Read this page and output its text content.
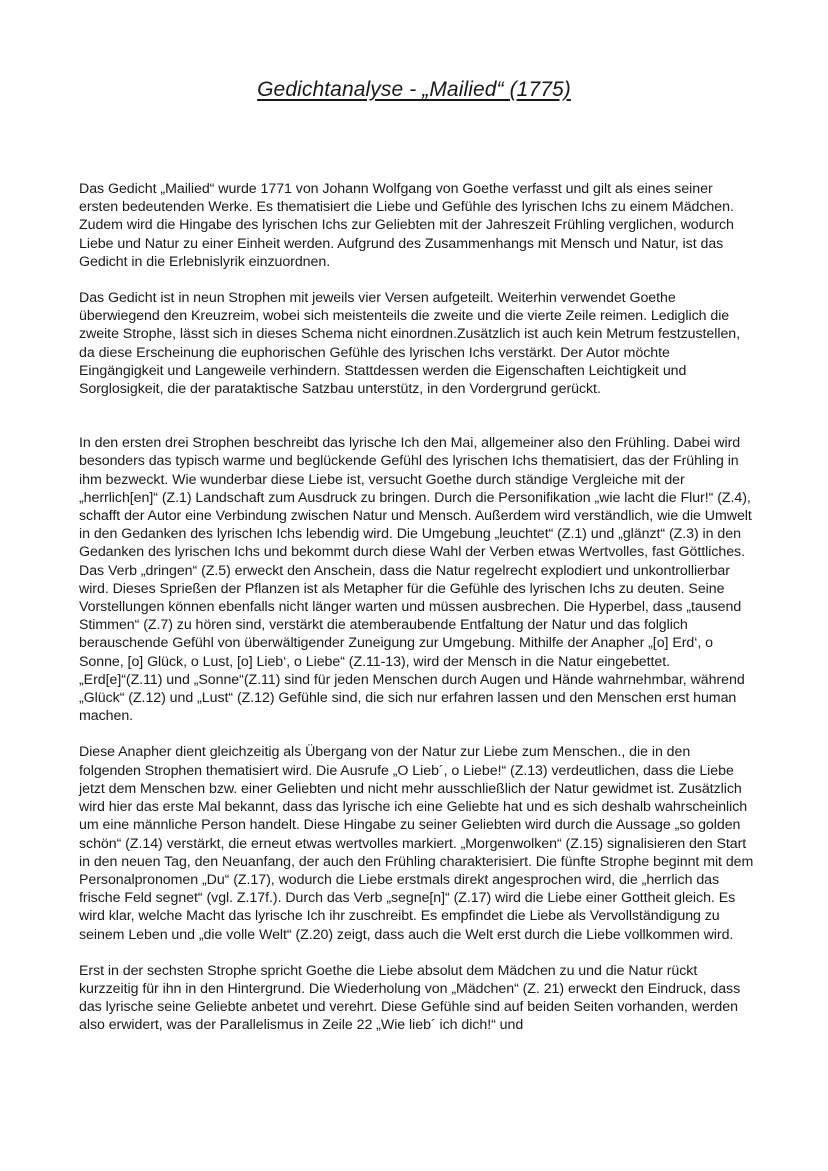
Gedichtanalyse - „Mailied“ (1775)

Das Gedicht „Mailied“ wurde 1771 von Johann Wolfgang von Goethe verfasst und gilt als eines seiner ersten bedeutenden Werke. Es thematisiert die Liebe und Gefühle des lyrischen Ichs zu einem Mädchen. Zudem wird die Hingabe des lyrischen Ichs zur Geliebten mit der Jahreszeit Frühling verglichen, wodurch Liebe und Natur zu einer Einheit werden. Aufgrund des Zusammenhangs mit Mensch und Natur, ist das Gedicht in die Erlebnislyrik einzuordnen.

Das Gedicht ist in neun Strophen mit jeweils vier Versen aufgeteilt. Weiterhin verwendet Goethe überwiegend den Kreuzreim, wobei sich meistenteils die zweite und die vierte Zeile reimen. Lediglich die zweite Strophe, lässt sich in dieses Schema nicht einordnen.Zusätzlich ist auch kein Metrum festzustellen, da diese Erscheinung die euphorischen Gefühle des lyrischen Ichs verstärkt. Der Autor möchte Eingängigkeit und Langeweile verhindern. Stattdessen werden die Eigenschaften Leichtigkeit und Sorglosigkeit, die der parataktische Satzbau unterstütz, in den Vordergrund gerückt.

In den ersten drei Strophen beschreibt das lyrische Ich den Mai, allgemeiner also den Frühling. Dabei wird besonders das typisch warme und beglückende Gefühl des lyrischen Ichs thematisiert, das der Frühling in ihm bezweckt. Wie wunderbar diese Liebe ist, versucht Goethe durch ständige Vergleiche mit der „herrlich[en]“ (Z.1) Landschaft zum Ausdruck zu bringen. Durch die Personifikation „wie lacht die Flur!“ (Z.4), schafft der Autor eine Verbindung zwischen Natur und Mensch. Außerdem wird verständlich, wie die Umwelt in den Gedanken des lyrischen Ichs lebendig wird. Die Umgebung „leuchtet“ (Z.1) und „glänzt“ (Z.3) in den Gedanken des lyrischen Ichs und bekommt durch diese Wahl der Verben etwas Wertvolles, fast Göttliches. Das Verb „dringen“ (Z.5) erweckt den Anschein, dass die Natur regelrecht explodiert und unkontrollierbar wird. Dieses Sprießen der Pflanzen ist als Metapher für die Gefühle des lyrischen Ichs zu deuten. Seine Vorstellungen können ebenfalls nicht länger warten und müssen ausbrechen. Die Hyperbel, dass „tausend Stimmen“ (Z.7) zu hören sind, verstärkt die atemberaubende Entfaltung der Natur und das folglich berauschende Gefühl von überwältigender Zuneigung zur Umgebung. Mithilfe der Anapher „[o] Erd‘, o Sonne, [o] Glück, o Lust, [o] Lieb‘, o Liebe“ (Z.11-13), wird der Mensch in die Natur eingebettet. „Erd[e]“(Z.11) und „Sonne“(Z.11) sind für jeden Menschen durch Augen und Hände wahrnehmbar, während „Glück“ (Z.12) und „Lust“ (Z.12) Gefühle sind, die sich nur erfahren lassen und den Menschen erst human machen.

Diese Anapher dient gleichzeitig als Übergang von der Natur zur Liebe zum Menschen., die in den folgenden Strophen thematisiert wird. Die Ausrufe „O Lieb´, o Liebe!“ (Z.13) verdeutlichen, dass die Liebe jetzt dem Menschen bzw. einer Geliebten und nicht mehr ausschließlich der Natur gewidmet ist. Zusätzlich wird hier das erste Mal bekannt, dass das lyrische ich eine Geliebte hat und es sich deshalb wahrscheinlich um eine männliche Person handelt. Diese Hingabe zu seiner Geliebten wird durch die Aussage „so golden schön“ (Z.14) verstärkt, die erneut etwas wertvolles markiert. „Morgenwolken“ (Z.15) signalisieren den Start in den neuen Tag, den Neuanfang, der auch den Frühling charakterisiert. Die fünfte Strophe beginnt mit dem Personalpronomen „Du“ (Z.17), wodurch die Liebe erstmals direkt angesprochen wird, die „herrlich das frische Feld segnet“ (vgl. Z.17f.). Durch das Verb „segne[n]“ (Z.17) wird die Liebe einer Gottheit gleich. Es wird klar, welche Macht das lyrische Ich ihr zuschreibt. Es empfindet die Liebe als Vervollständigung zu seinem Leben und „die volle Welt“ (Z.20) zeigt, dass auch die Welt erst durch die Liebe vollkommen wird.

Erst in der sechsten Strophe spricht Goethe die Liebe absolut dem Mädchen zu und die Natur rückt kurzzeitig für ihn in den Hintergrund. Die Wiederholung von „Mädchen“ (Z. 21) erweckt den Eindruck, dass das lyrische seine Geliebte anbetet und verehrt. Diese Gefühle sind auf beiden Seiten vorhanden, werden also erwidert, was der Parallelismus in Zeile 22 „Wie lieb´ ich dich!“ und
